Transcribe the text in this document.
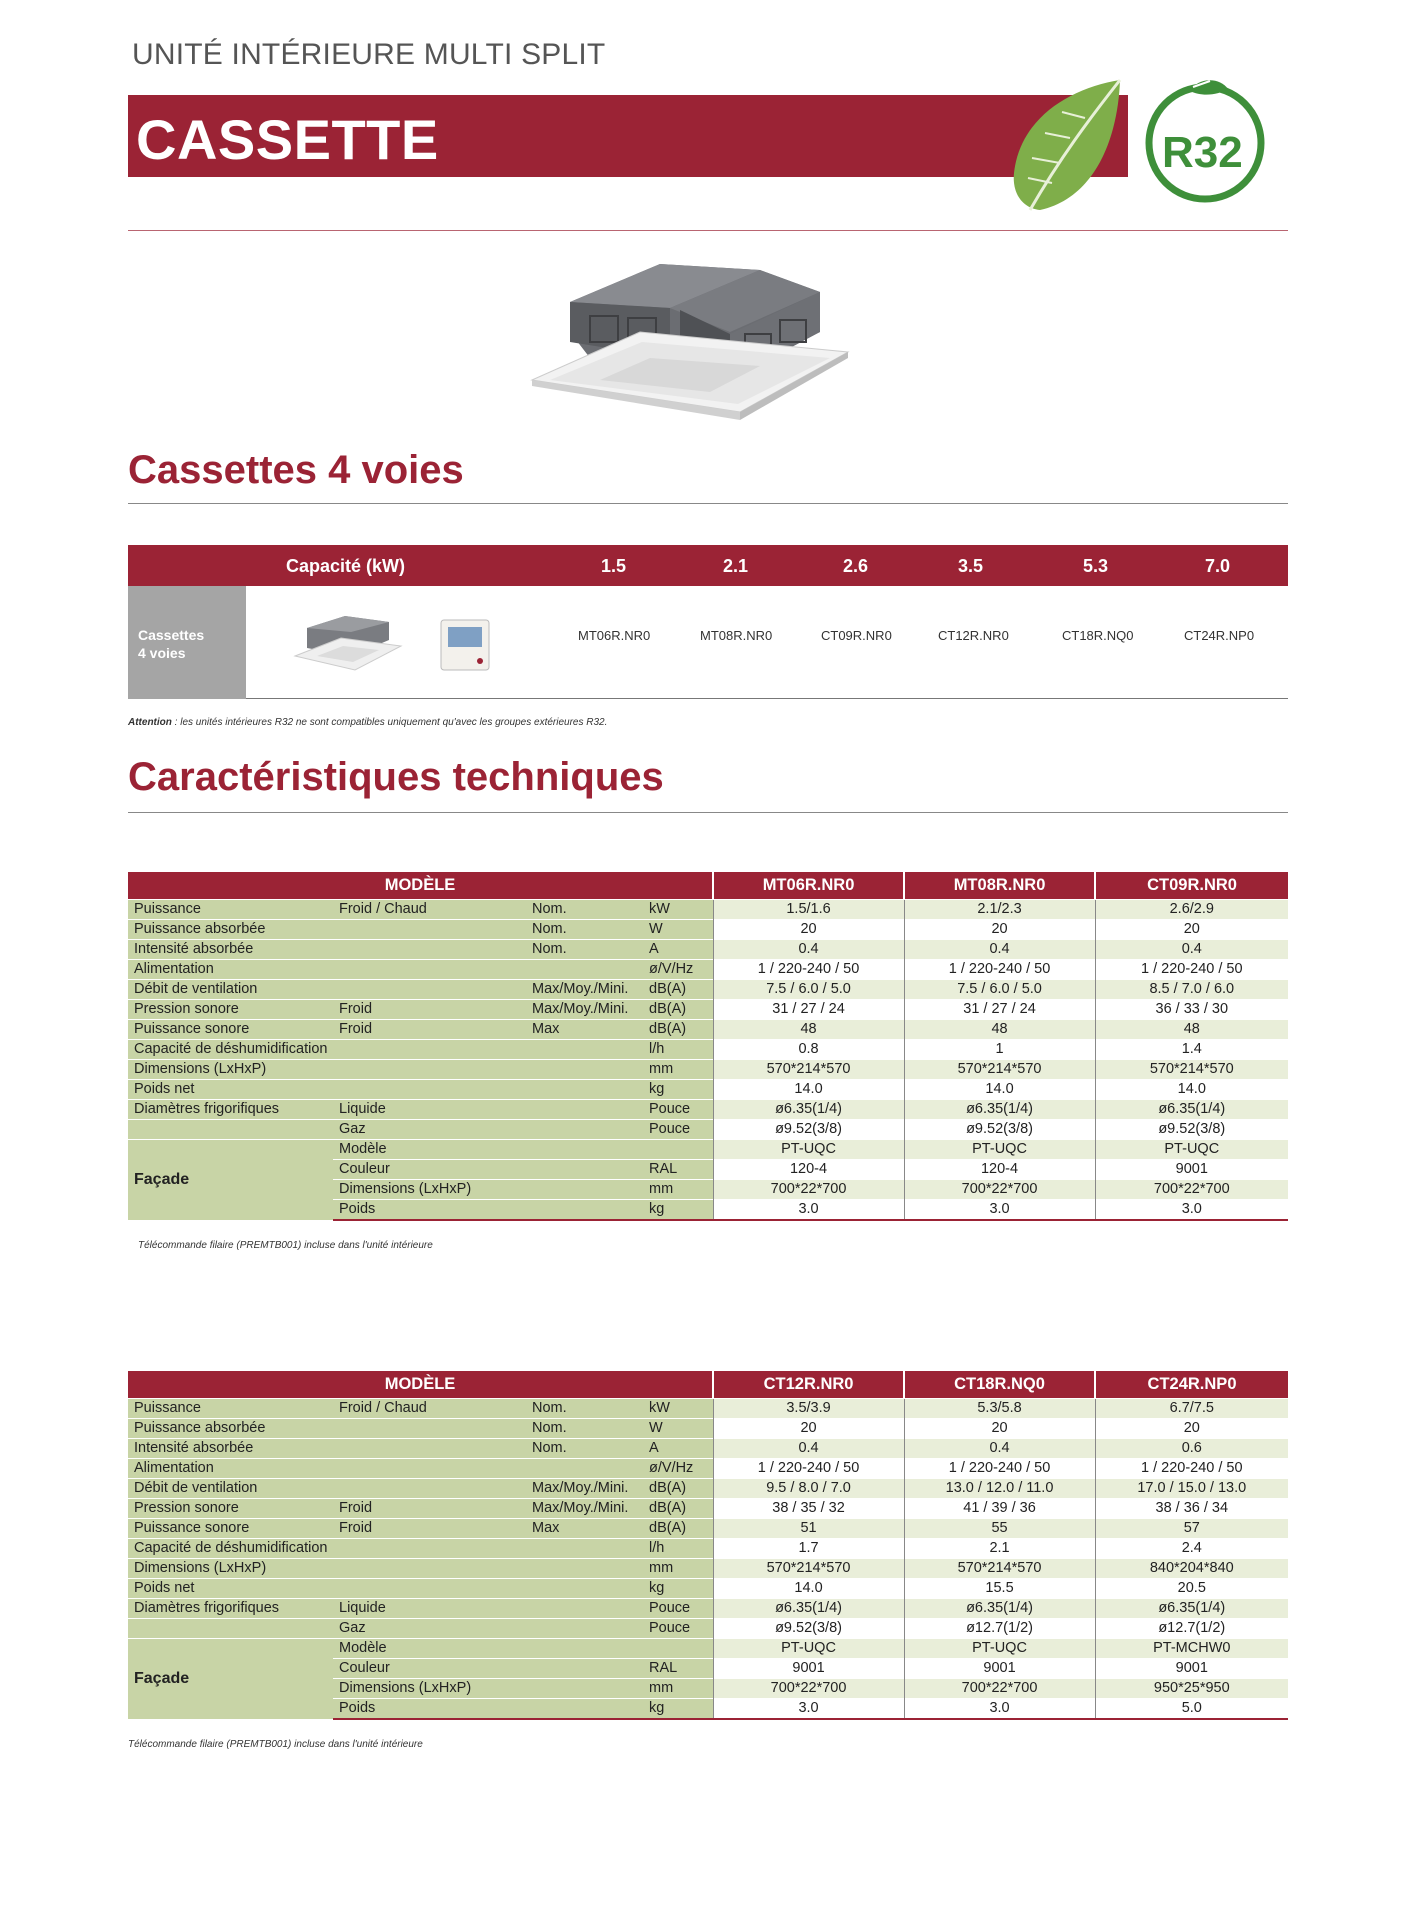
UNITÉ INTÉRIEURE MULTI SPLIT
CASSETTE	R32
Cassettes 4 voies
Capacité (kW)	1.5	2.1	2.6	3.5	5.3	7.0
Cassettes
4 voies
MT06R.NR0	MT08R.NR0	CT09R.NR0	CT12R.NR0	CT18R.NQ0	CT24R.NP0
Attention : les unités intérieures R32 ne sont compatibles uniquement qu'avec les groupes extérieures R32.
Caractéristiques techniques
MODÈLE				MT06R.NR0	MT08R.NR0	CT09R.NR0
Puissance	Froid / Chaud	Nom.	kW	1.5/1.6	2.1/2.3	2.6/2.9
Puissance absorbée		Nom.	W	20	20	20
Intensité absorbée		Nom.	A	0.4	0.4	0.4
Alimentation			ø/V/Hz	1 / 220-240 / 50	1 / 220-240 / 50	1 / 220-240 / 50
Débit de ventilation		Max/Moy./Mini.	dB(A)	7.5 / 6.0 / 5.0	7.5 / 6.0 / 5.0	8.5 / 7.0 / 6.0
Pression sonore	Froid	Max/Moy./Mini.	dB(A)	31 / 27 / 24	31 / 27 / 24	36 / 33 / 30
Puissance sonore	Froid	Max	dB(A)	48	48	48
Capacité de déshumidification			l/h	0.8	1	1.4
Dimensions (LxHxP)			mm	570*214*570	570*214*570	570*214*570
Poids net			kg	14.0	14.0	14.0
Diamètres frigorifiques	Liquide		Pouce	ø6.35(1/4)	ø6.35(1/4)	ø6.35(1/4)
	Gaz		Pouce	ø9.52(3/8)	ø9.52(3/8)	ø9.52(3/8)
Façade	Modèle			PT-UQC	PT-UQC	PT-UQC
	Couleur		RAL	120-4	120-4	9001
	Dimensions (LxHxP)		mm	700*22*700	700*22*700	700*22*700
	Poids		kg	3.0	3.0	3.0
Télécommande filaire (PREMTB001) incluse dans l'unité intérieure
MODÈLE				CT12R.NR0	CT18R.NQ0	CT24R.NP0
Puissance	Froid / Chaud	Nom.	kW	3.5/3.9	5.3/5.8	6.7/7.5
Puissance absorbée		Nom.	W	20	20	20
Intensité absorbée		Nom.	A	0.4	0.4	0.6
Alimentation			ø/V/Hz	1 / 220-240 / 50	1 / 220-240 / 50	1 / 220-240 / 50
Débit de ventilation		Max/Moy./Mini.	dB(A)	9.5 / 8.0 / 7.0	13.0 / 12.0 / 11.0	17.0 / 15.0 / 13.0
Pression sonore	Froid	Max/Moy./Mini.	dB(A)	38 / 35 / 32	41 / 39 / 36	38 / 36 / 34
Puissance sonore	Froid	Max	dB(A)	51	55	57
Capacité de déshumidification			l/h	1.7	2.1	2.4
Dimensions (LxHxP)			mm	570*214*570	570*214*570	840*204*840
Poids net			kg	14.0	15.5	20.5
Diamètres frigorifiques	Liquide		Pouce	ø6.35(1/4)	ø6.35(1/4)	ø6.35(1/4)
	Gaz		Pouce	ø9.52(3/8)	ø12.7(1/2)	ø12.7(1/2)
Façade	Modèle			PT-UQC	PT-UQC	PT-MCHW0
	Couleur		RAL	9001	9001	9001
	Dimensions (LxHxP)		mm	700*22*700	700*22*700	950*25*950
	Poids		kg	3.0	3.0	5.0
Télécommande filaire (PREMTB001) incluse dans l'unité intérieure
